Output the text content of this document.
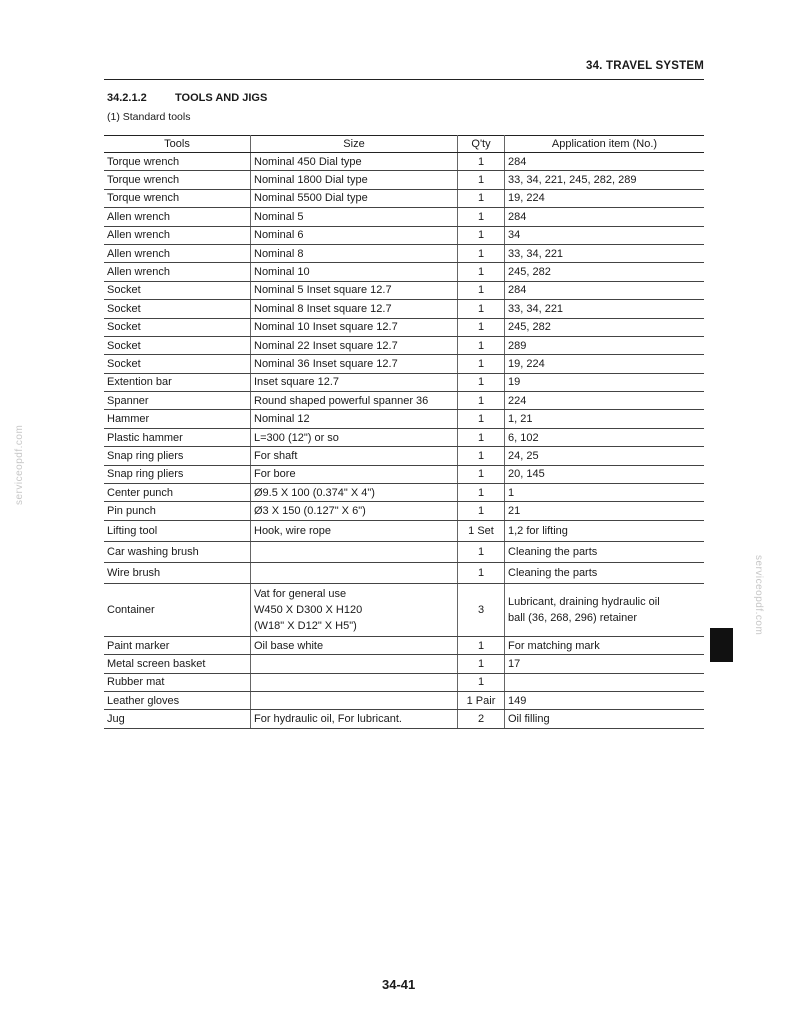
34. TRAVEL SYSTEM
34.2.1.2	TOOLS AND JIGS
(1) Standard tools
Tools	Size	Q'ty	Application item (No.)
Torque wrench	Nominal 450 Dial type	1	284
Torque wrench	Nominal 1800 Dial type	1	33, 34, 221, 245, 282, 289
Torque wrench	Nominal 5500 Dial type	1	19, 224
Allen wrench	Nominal 5	1	284
Allen wrench	Nominal 6	1	34
Allen wrench	Nominal 8	1	33, 34, 221
Allen wrench	Nominal 10	1	245, 282
Socket	Nominal 5 Inset square 12.7	1	284
Socket	Nominal 8 Inset square 12.7	1	33, 34, 221
Socket	Nominal 10 Inset square 12.7	1	245, 282
Socket	Nominal 22 Inset square 12.7	1	289
Socket	Nominal 36 Inset square 12.7	1	19, 224
Extention bar	Inset square 12.7	1	19
Spanner	Round shaped powerful spanner 36	1	224
Hammer	Nominal 12	1	1, 21
Plastic hammer	L=300 (12") or so	1	6, 102
Snap ring pliers	For shaft	1	24, 25
Snap ring pliers	For bore	1	20, 145
Center punch	Ø9.5 X 100 (0.374" X 4")	1	1
Pin punch	Ø3 X 150 (0.127" X 6")	1	21
Lifting tool	Hook, wire rope	1 Set	1,2 for lifting
Car washing brush		1	Cleaning the parts
Wire brush		1	Cleaning the parts
Container	Vat for general use
W450 X D300 X H120
(W18" X D12" X H5")	3	Lubricant, draining hydraulic oil
ball (36, 268, 296) retainer

Paint marker	Oil base white	1	For matching mark
Metal screen basket		1	17
Rubber mat		1	
Leather gloves		1 Pair	149
Jug	For hydraulic oil, For lubricant.	2	Oil filling
serviceopdf.com
serviceopdf.com
34-41
